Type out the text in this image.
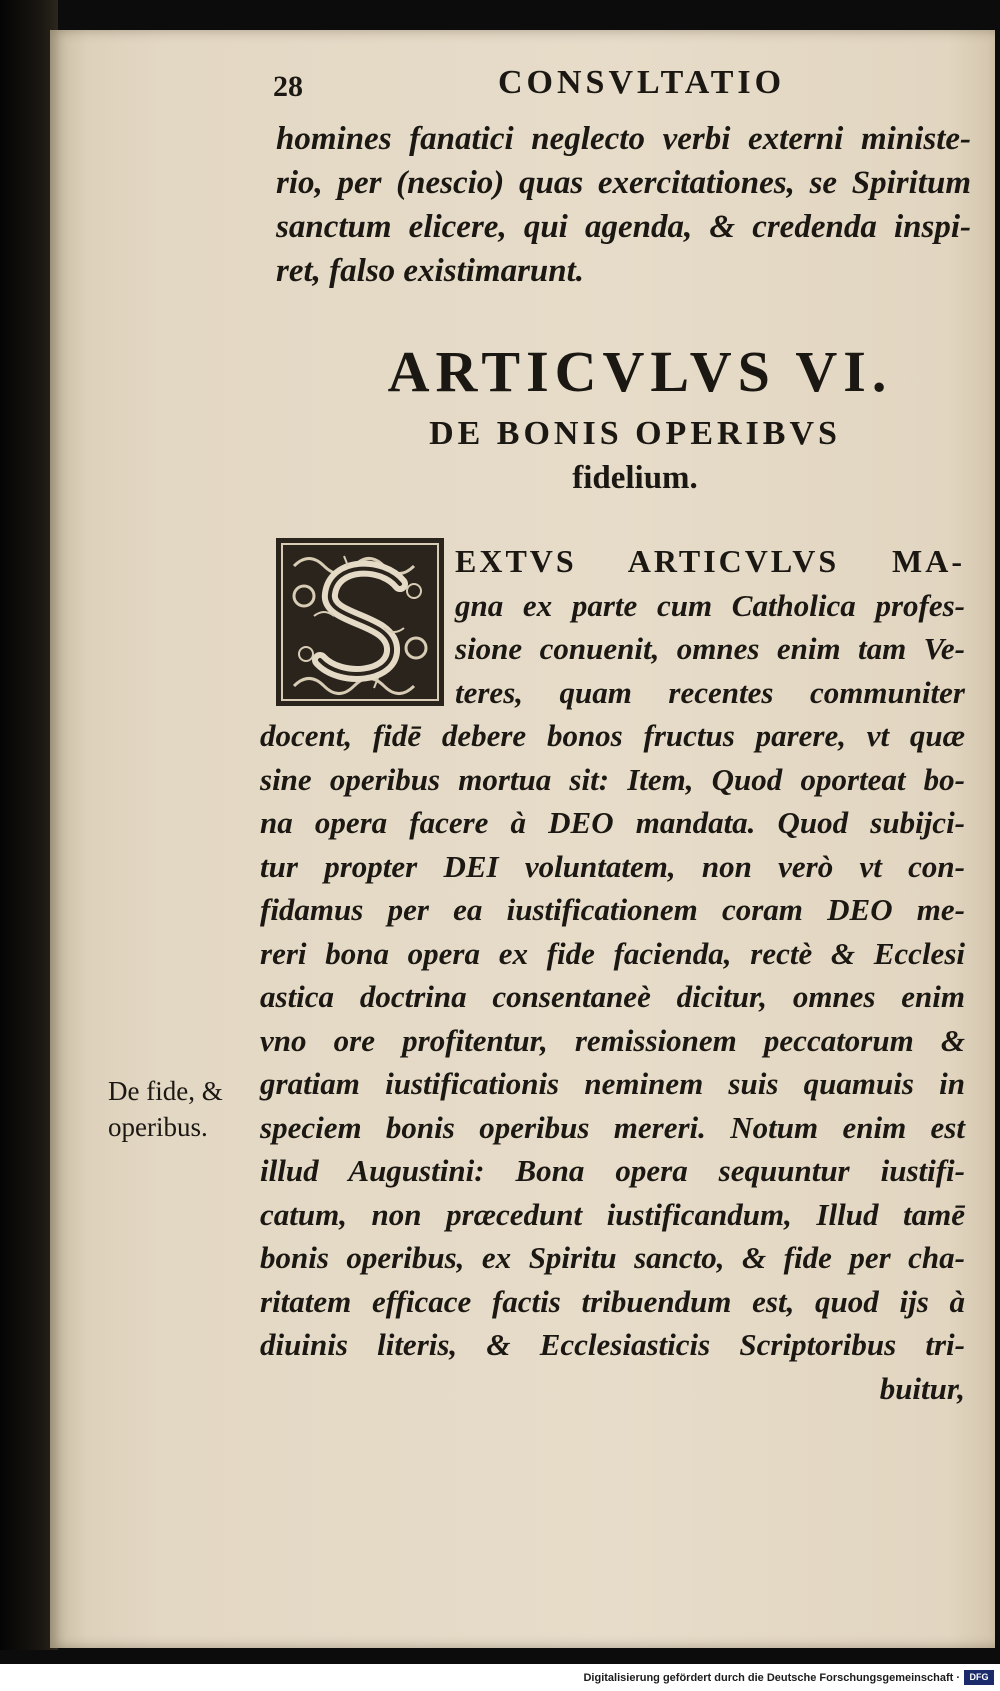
28	CONSVLTATIO
homines fanatici neglecto verbi externi ministe-
rio, per (nescio) quas exercitationes, se Spiritum
sanctum elicere, qui agenda, & credenda inspi-
ret, falso existimarunt.
ARTICVLVS VI.
DE BONIS OPERIBVS
fidelium.
EXTVS ARTICVLVS MA-
gna ex parte cum Catholica profes-
sione conuenit, omnes enim tam Ve-
teres, quam recentes communiter
docent, fidē debere bonos fructus parere, vt quæ
sine operibus mortua sit: Item, Quod oporteat bo-
na opera facere à DEO mandata. Quod subijci-
tur propter DEI voluntatem, non verò vt con-
fidamus per ea iustificationem coram DEO me-
reri bona opera ex fide facienda, rectè & Ecclesi
astica doctrina consentaneè dicitur, omnes enim
vno ore profitentur, remissionem peccatorum &
gratiam iustificationis neminem suis quamuis in
speciem bonis operibus mereri. Notum enim est
illud Augustini: Bona opera sequuntur iustifi-
catum, non præcedunt iustificandum, Illud tamē
bonis operibus, ex Spiritu sancto, & fide per cha-
ritatem efficace factis tribuendum est, quod ijs à
diuinis literis, & Ecclesiasticis Scriptoribus tri-
buitur,
De fide, &
operibus.
Digitalisierung gefördert durch die Deutsche Forschungsgemeinschaft ·	DFG
